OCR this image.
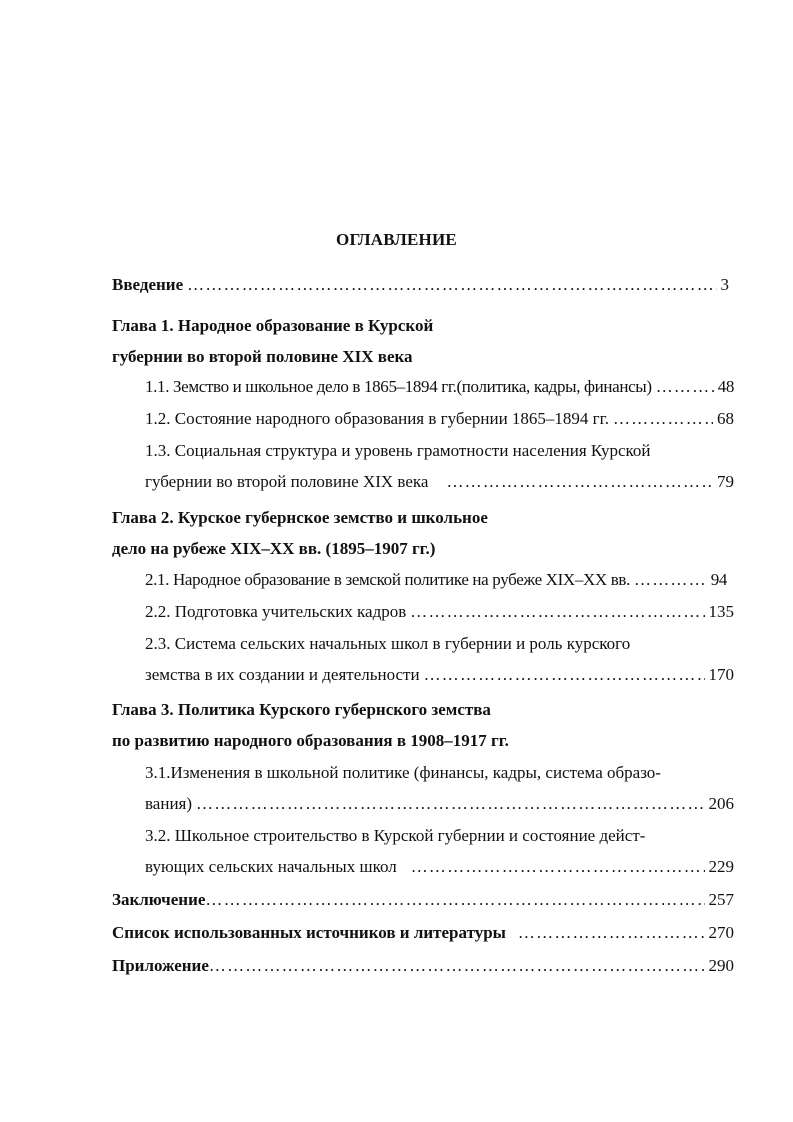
ОГЛАВЛЕНИЕ
Введение ……………………………………………………………………………………………………………………………………………………………………………………………………	3
Глава 1. Народное образование в Курской
губернии во второй половине XIX века
1.1. Земство и школьное дело в 1865–1894 гг.(политика, кадры, финансы) ……………………………………………………………………………………………………………………………………………………………………………………………………	48
1.2. Состояние народного образования в губернии 1865–1894 гг. ……………………………………………………………………………………………………………………………………………………………………………………………………	68
1.3. Социальная структура и уровень грамотности населения Курской
губернии во второй половине XIX века ……………………………………………………………………………………………………………………………………………………………………………………………………	79
Глава 2. Курское губернское земство и школьное
дело на рубеже XIX–XX вв. (1895–1907 гг.)
2.1. Народное образование в земской политике на рубеже XIX–XX вв. ……………………………………………………………………………………………………………………………………………………………………………………………………	94
2.2. Подготовка учительских кадров ……………………………………………………………………………………………………………………………………………………………………………………………………	135
2.3. Система сельских начальных школ в губернии и роль курского
земства в их создании и деятельности ……………………………………………………………………………………………………………………………………………………………………………………………………	170
Глава 3. Политика Курского губернского земства
по развитию народного образования в 1908–1917 гг.
3.1.Изменения в школьной политике (финансы, кадры, система образо-
вания) ……………………………………………………………………………………………………………………………………………………………………………………………………	206
3.2. Школьное строительство в Курской губернии и состояние дейст-
вующих сельских начальных школ ……………………………………………………………………………………………………………………………………………………………………………………………………	229
Заключение ……………………………………………………………………………………………………………………………………………………………………………………………………	257
Список использованных источников и литературы ……………………………………………………………………………………………………………………………………………………………………………………………………	270
Приложение ……………………………………………………………………………………………………………………………………………………………………………………………………	290
